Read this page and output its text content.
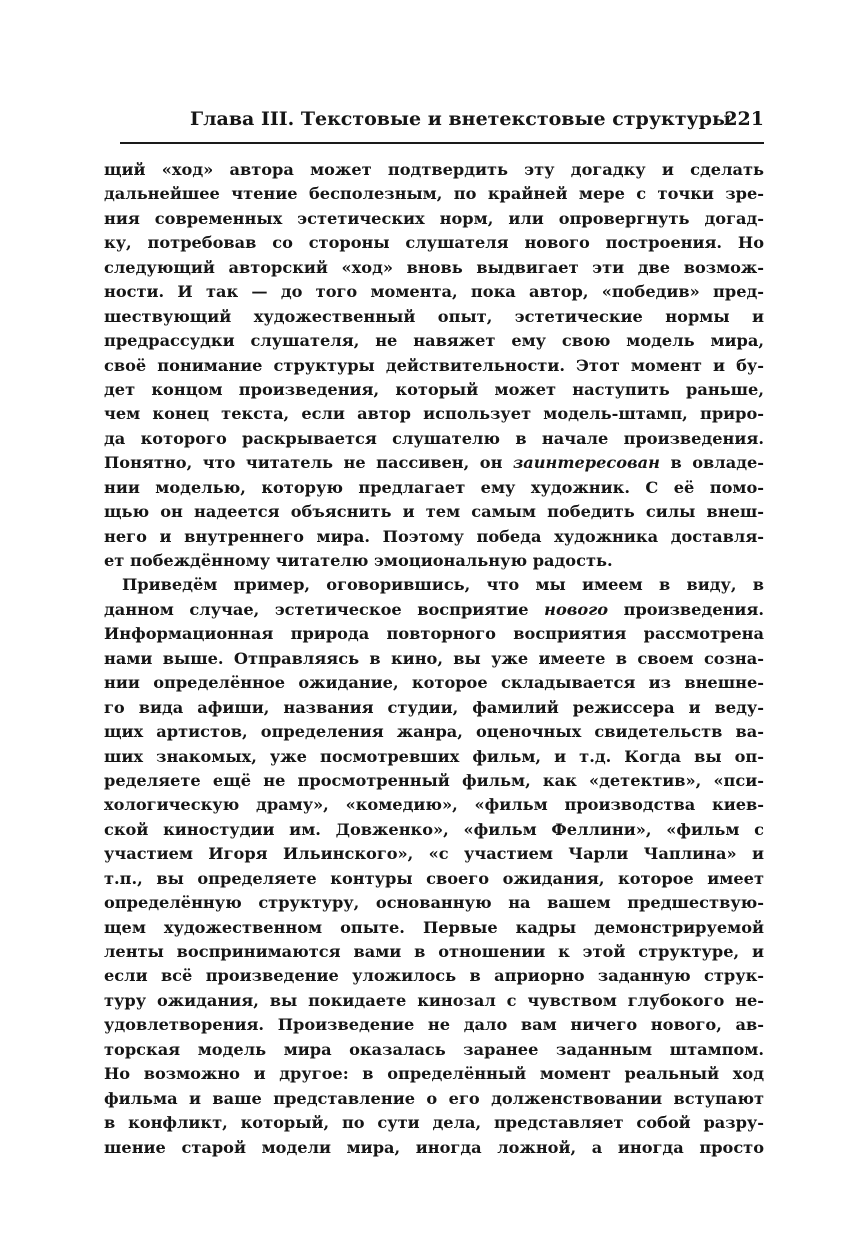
Глава III. Текстовые и внетекстовые структуры
221
щий «ход» автора может подтвердить эту догадку и сделать
дальнейшее чтение бесполезным, по крайней мере с точки зре-
ния современных эстетических норм, или опровергнуть догад-
ку, потребовав со стороны слушателя нового построения. Но
следующий авторский «ход» вновь выдвигает эти две возмож-
ности. И так — до того момента, пока автор, «победив» пред-
шествующий художественный опыт, эстетические нормы и
предрассудки слушателя, не навяжет ему свою модель мира,
своё понимание структуры действительности. Этот момент и бу-
дет концом произведения, который может наступить раньше,
чем конец текста, если автор использует модель-штамп, приро-
да которого раскрывается слушателю в начале произведения.
Понятно, что читатель не пассивен, он заинтересован в овладе-
нии моделью, которую предлагает ему художник. С её помо-
щью он надеется объяснить и тем самым победить силы внеш-
него и внутреннего мира. Поэтому победа художника доставля-
ет побеждённому читателю эмоциональную радость.
Приведём пример, оговорившись, что мы имеем в виду, в
данном случае, эстетическое восприятие нового произведения.
Информационная природа повторного восприятия рассмотрена
нами выше. Отправляясь в кино, вы уже имеете в своем созна-
нии определённое ожидание, которое складывается из внешне-
го вида афиши, названия студии, фамилий режиссера и веду-
щих артистов, определения жанра, оценочных свидетельств ва-
ших знакомых, уже посмотревших фильм, и т.д. Когда вы оп-
ределяете ещё не просмотренный фильм, как «детектив», «пси-
хологическую драму», «комедию», «фильм производства киев-
ской киностудии им. Довженко», «фильм Феллини», «фильм с
участием Игоря Ильинского», «с участием Чарли Чаплина» и
т.п., вы определяете контуры своего ожидания, которое имеет
определённую структуру, основанную на вашем предшествую-
щем художественном опыте. Первые кадры демонстрируемой
ленты воспринимаются вами в отношении к этой структуре, и
если всё произведение уложилось в априорно заданную струк-
туру ожидания, вы покидаете кинозал с чувством глубокого не-
удовлетворения. Произведение не дало вам ничего нового, ав-
торская модель мира оказалась заранее заданным штампом.
Но возможно и другое: в определённый момент реальный ход
фильма и ваше представление о его долженствовании вступают
в конфликт, который, по сути дела, представляет собой разру-
шение старой модели мира, иногда ложной, а иногда просто
